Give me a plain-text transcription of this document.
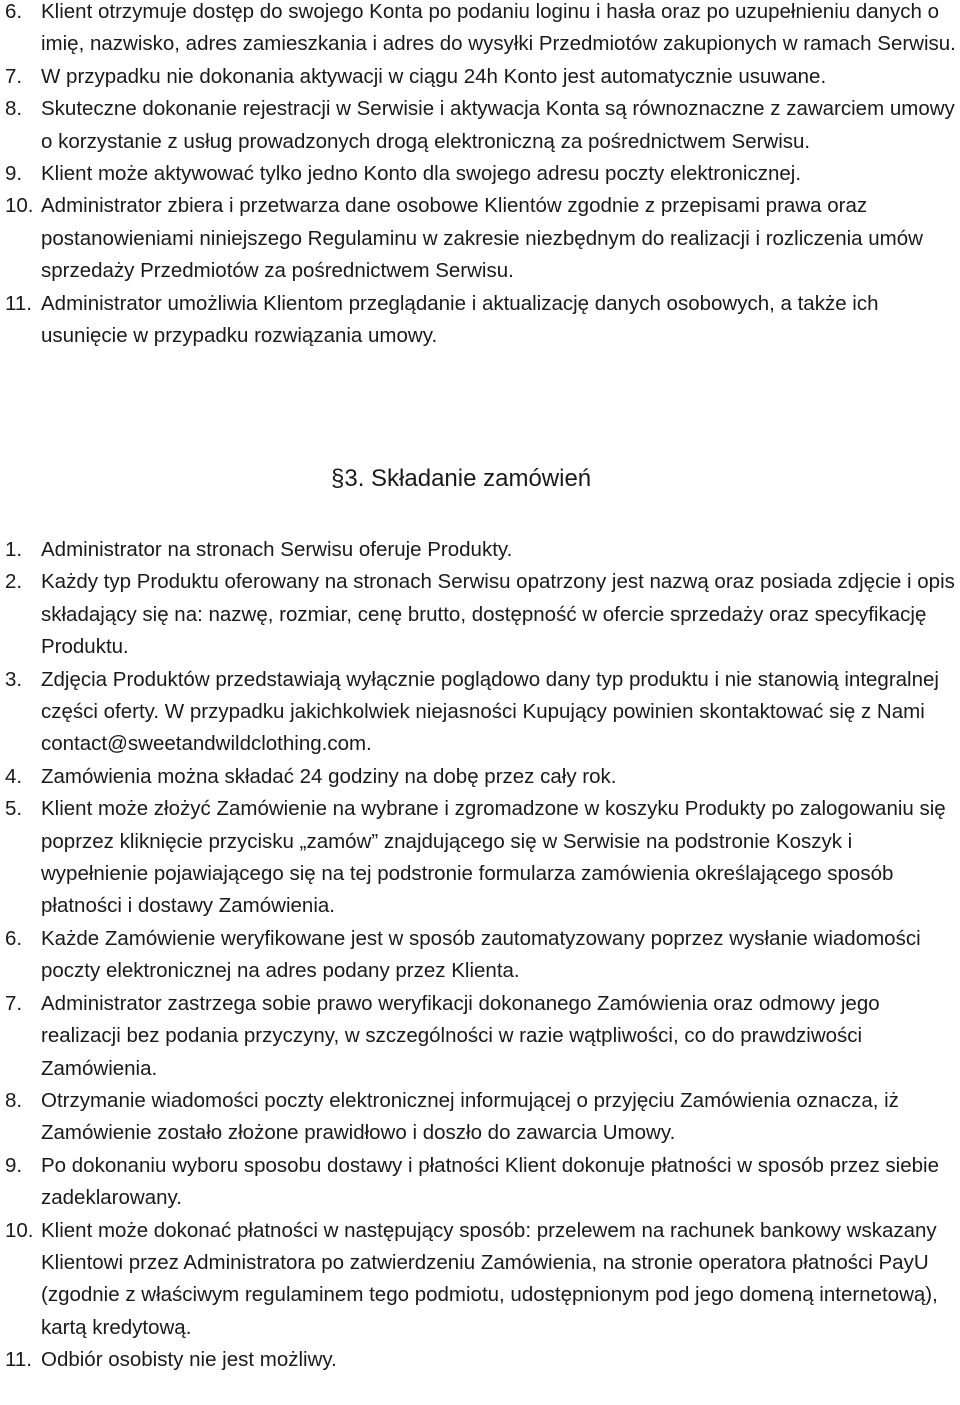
6. Klient otrzymuje dostęp do swojego Konta po podaniu loginu i hasła oraz po uzupełnieniu danych o imię, nazwisko, adres zamieszkania i adres do wysyłki Przedmiotów zakupionych w ramach Serwisu.
7. W przypadku nie dokonania aktywacji w ciągu 24h Konto jest automatycznie usuwane.
8. Skuteczne dokonanie rejestracji w Serwisie i aktywacja Konta są równoznaczne z zawarciem umowy o korzystanie z usług prowadzonych drogą elektroniczną za pośrednictwem Serwisu.
9. Klient może aktywować tylko jedno Konto dla swojego adresu poczty elektronicznej.
10. Administrator zbiera i przetwarza dane osobowe Klientów zgodnie z przepisami prawa oraz postanowieniami niniejszego Regulaminu w zakresie niezbędnym do realizacji i rozliczenia umów sprzedaży Przedmiotów za pośrednictwem Serwisu.
11. Administrator umożliwia Klientom przeglądanie i aktualizację danych osobowych, a także ich usunięcie w przypadku rozwiązania umowy.
§3. Składanie zamówień
1. Administrator na stronach Serwisu oferuje Produkty.
2. Każdy typ Produktu oferowany na stronach Serwisu opatrzony jest nazwą oraz posiada zdjęcie i opis składający się na: nazwę, rozmiar, cenę brutto, dostępność w ofercie sprzedaży oraz specyfikację Produktu.
3. Zdjęcia Produktów przedstawiają wyłącznie poglądowo dany typ produktu i nie stanowią integralnej części oferty. W przypadku jakichkolwiek niejasności Kupujący powinien skontaktować się z Nami contact@sweetandwildclothing.com.
4. Zamówienia można składać 24 godziny na dobę przez cały rok.
5. Klient może złożyć Zamówienie na wybrane i zgromadzone w koszyku Produkty po zalogowaniu się poprzez kliknięcie przycisku „zamów” znajdującego się w Serwisie na podstronie Koszyk i wypełnienie pojawiającego się na tej podstronie formularza zamówienia określającego sposób płatności i dostawy Zamówienia.
6. Każde Zamówienie weryfikowane jest w sposób zautomatyzowany poprzez wysłanie wiadomości poczty elektronicznej na adres podany przez Klienta.
7. Administrator zastrzega sobie prawo weryfikacji dokonanego Zamówienia oraz odmowy jego realizacji bez podania przyczyny, w szczególności w razie wątpliwości, co do prawdziwości Zamówienia.
8. Otrzymanie wiadomości poczty elektronicznej informującej o przyjęciu Zamówienia oznacza, iż Zamówienie zostało złożone prawidłowo i doszło do zawarcia Umowy.
9. Po dokonaniu wyboru sposobu dostawy i płatności Klient dokonuje płatności w sposób przez siebie zadeklarowany.
10. Klient może dokonać płatności w następujący sposób: przelewem na rachunek bankowy wskazany Klientowi przez Administratora po zatwierdzeniu Zamówienia, na stronie operatora płatności PayU (zgodnie z właściwym regulaminem tego podmiotu, udostępnionym pod jego domeną internetową), kartą kredytową.
11. Odbiór osobisty nie jest możliwy.
